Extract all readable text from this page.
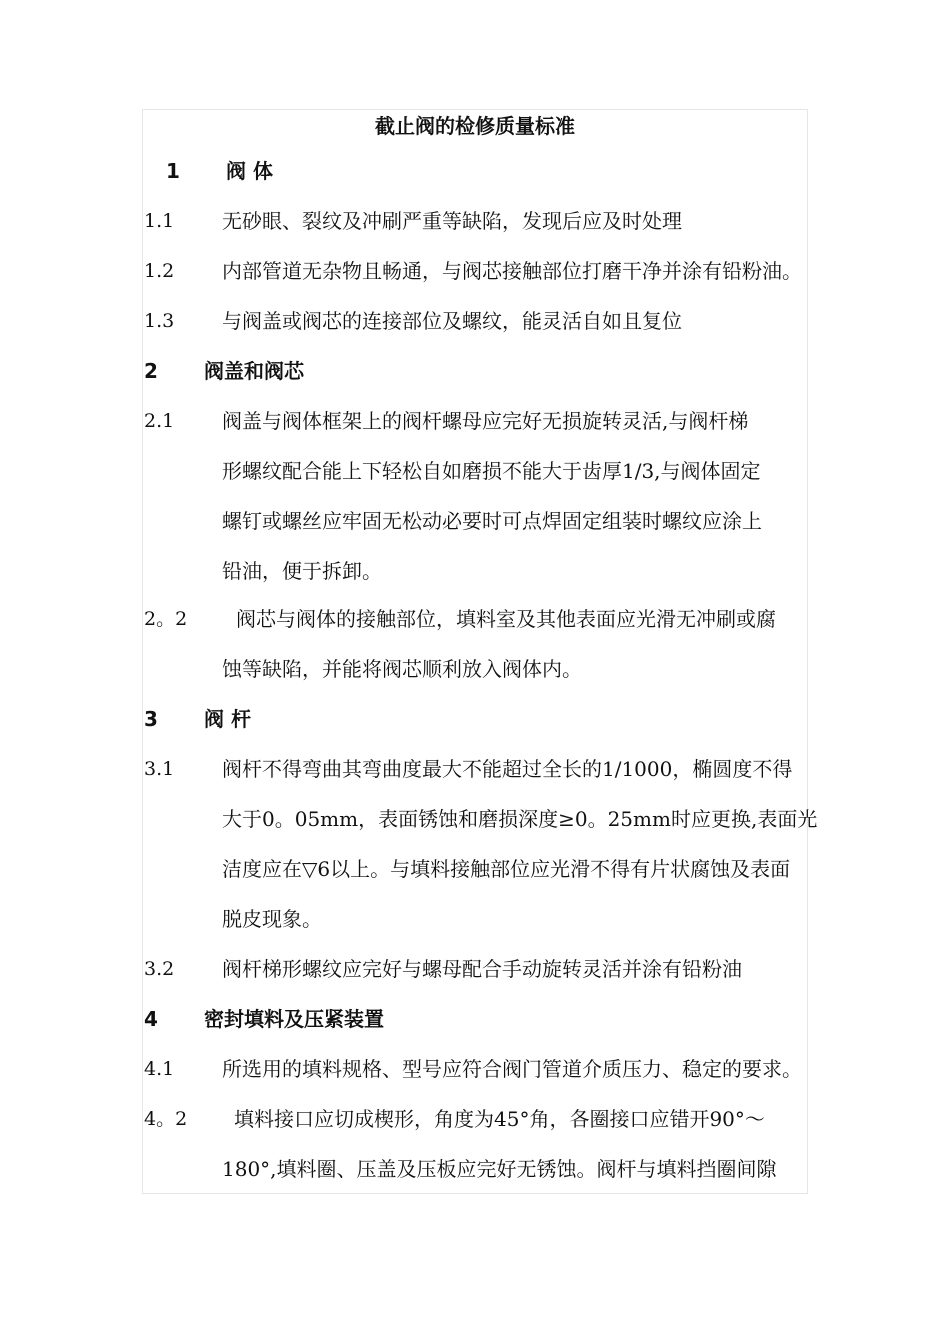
截止阀的检修质量标准
1 阀 体
1.1 无砂眼、裂纹及冲刷严重等缺陷，发现后应及时处理
1.2 内部管道无杂物且畅通，与阀芯接触部位打磨干净并涂有铅粉油。
1.3 与阀盖或阀芯的连接部位及螺纹，能灵活自如且复位
2 阀盖和阀芯
2.1 阀盖与阀体框架上的阀杆螺母应完好无损旋转灵活,与阀杆梯
形螺纹配合能上下轻松自如磨损不能大于齿厚1/3,与阀体固定
螺钉或螺丝应牢固无松动必要时可点焊固定组装时螺纹应涂上
铅油，便于拆卸。
2。2 阀芯与阀体的接触部位，填料室及其他表面应光滑无冲刷或腐
蚀等缺陷，并能将阀芯顺利放入阀体内。
3 阀 杆
3.1 阀杆不得弯曲其弯曲度最大不能超过全长的1/1000，椭圆度不得
大于0。05mm，表面锈蚀和磨损深度≥0。25mm时应更换,表面光
洁度应在▽6以上。与填料接触部位应光滑不得有片状腐蚀及表面
脱皮现象。
3.2 阀杆梯形螺纹应完好与螺母配合手动旋转灵活并涂有铅粉油
4 密封填料及压紧装置
4.1 所选用的填料规格、型号应符合阀门管道介质压力、稳定的要求。
4。2 填料接口应切成楔形，角度为45°角，各圈接口应错开90°～
180°,填料圈、压盖及压板应完好无锈蚀。阀杆与填料挡圈间隙
